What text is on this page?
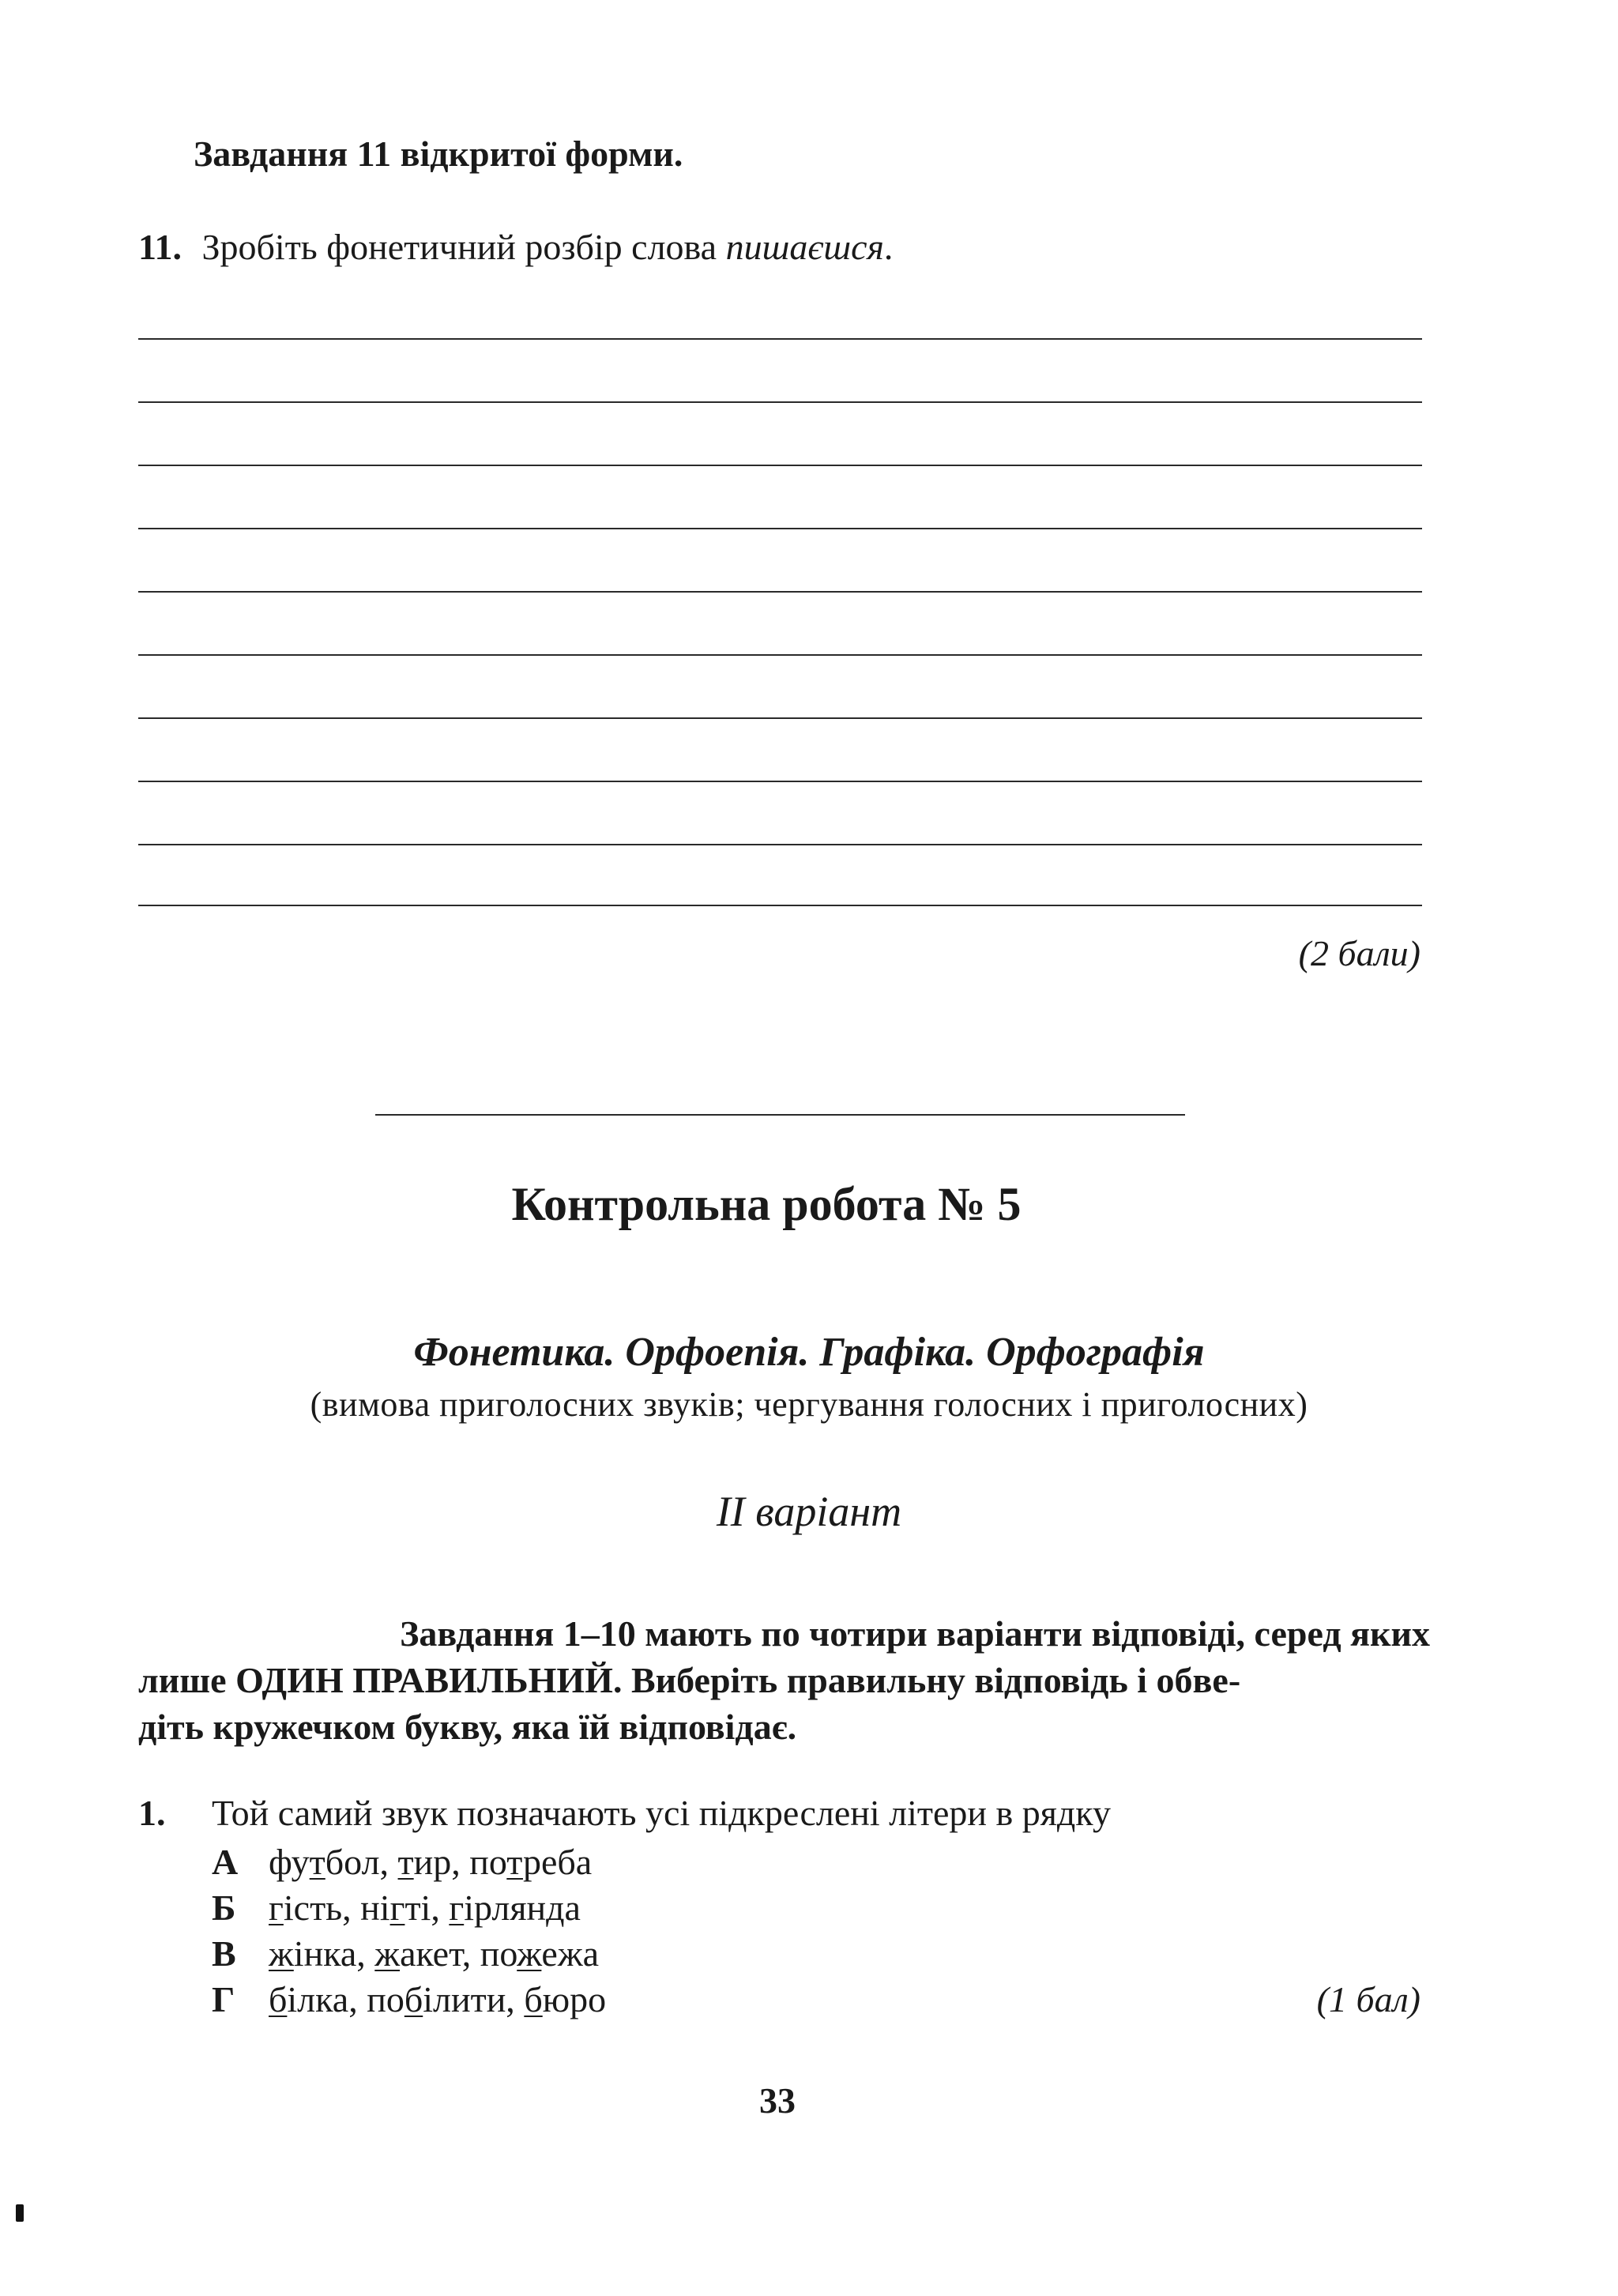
Завдання 11 відкритої форми.
11. Зробіть фонетичний розбір слова пишаєшся.
(2 бали)
Контрольна робота № 5
Фонетика. Орфоепія. Графіка. Орфографія
(вимова приголосних звуків; чергування голосних і приголосних)
II варіант
Завдання 1–10 мають по чотири варіанти відповіді, серед яких
лише ОДИН ПРАВИЛЬНИЙ. Виберіть правильну відповідь і обве-
діть кружечком букву, яка їй відповідає.
1. Той самий звук позначають усі підкреслені літери в рядку
А футбол, тир, потреба
Б гість, нігті, гірлянда
В жінка, жакет, пожежа
Г білка, побілити, бюро	(1 бал)
33
